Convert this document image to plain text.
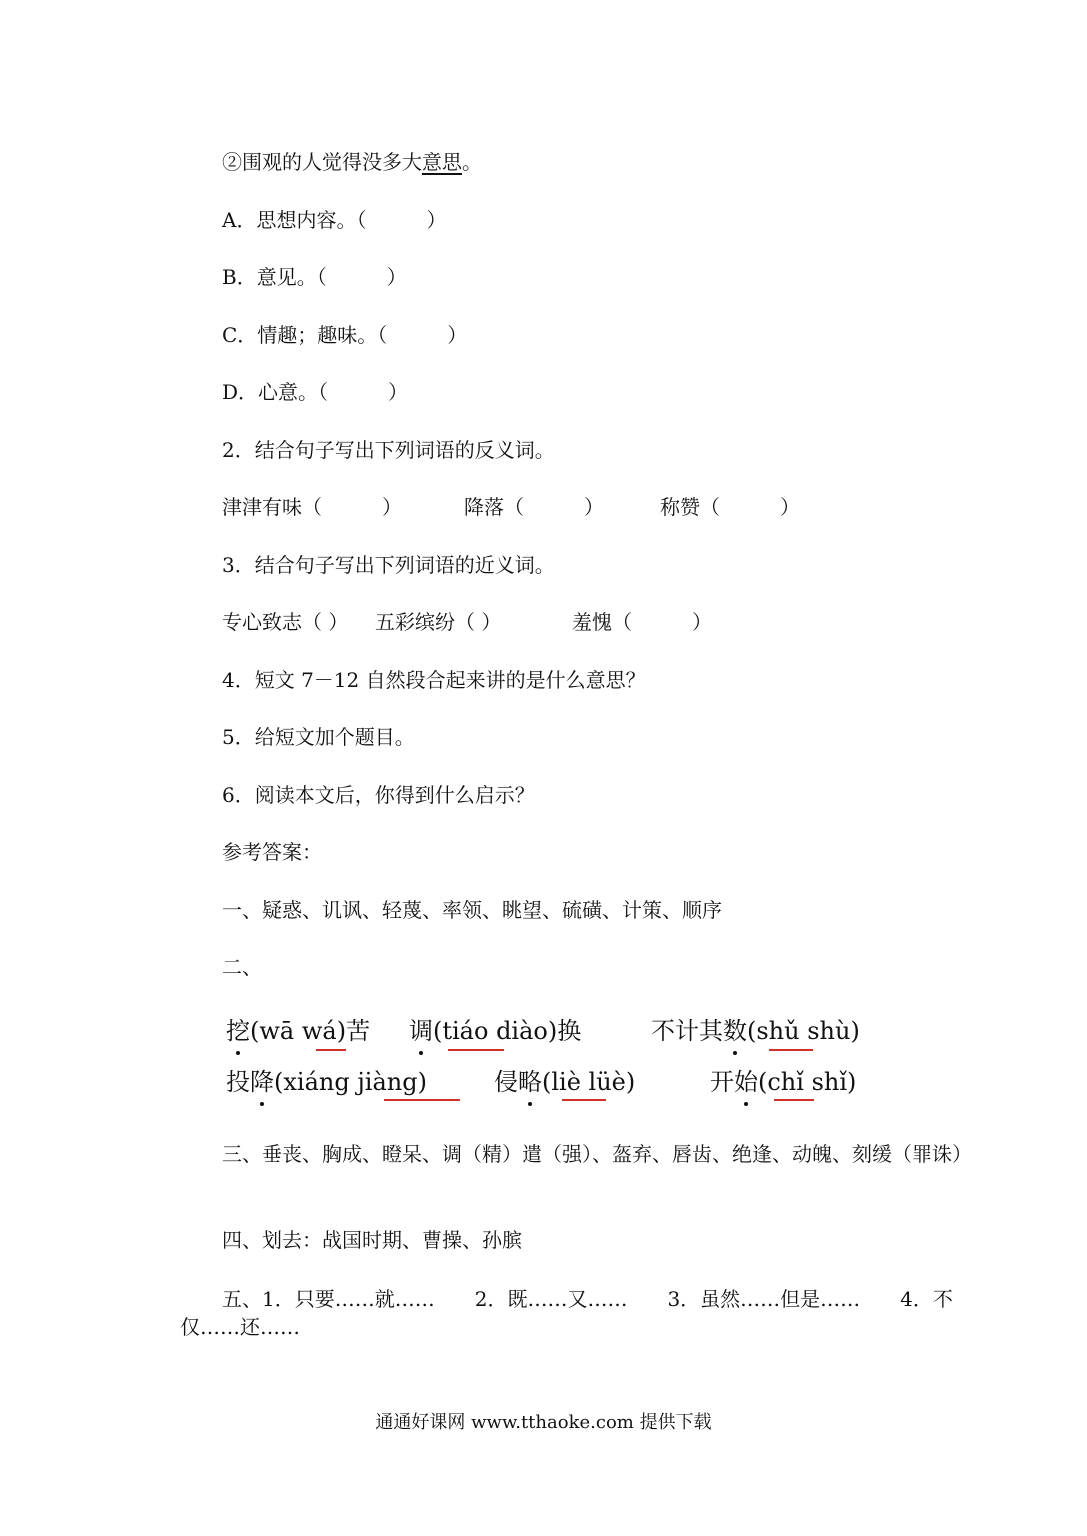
②围观的人觉得没多大意思。
A．思想内容。（　　　）
B．意见。（　　　）
C．情趣；趣味。（　　　）
D．心意。（　　　）
2．结合句子写出下列词语的反义词。
津津有味（　　　）	降落（　　　）	称赞（　　　）
3．结合句子写出下列词语的近义词。
专心致志（ ） 五彩缤纷（ ）	羞愧（　　　）
4．短文 7－12 自然段合起来讲的是什么意思？
5．给短文加个题目。
6．阅读本文后，你得到什么启示？
参考答案：
一、疑惑、讥讽、轻蔑、率领、眺望、硫磺、计策、顺序
二、
挖(wā wá)苦 调(tiáo diào)换	不计其数(shǔ shù)
投降(xiáng jiàng)	侵略(liè lüè)	开始(chǐ shǐ)
三、垂丧、胸成、瞪呆、调（精）遣（强）、盔弃、唇齿、绝逢、动魄、刻缓（罪诛）
四、划去：战国时期、曹操、孙膑
五、1．只要……就……　　2．既……又……　　3．虽然……但是……　　4．不仅……还……
通通好课网 www.tthaoke.com 提供下载
